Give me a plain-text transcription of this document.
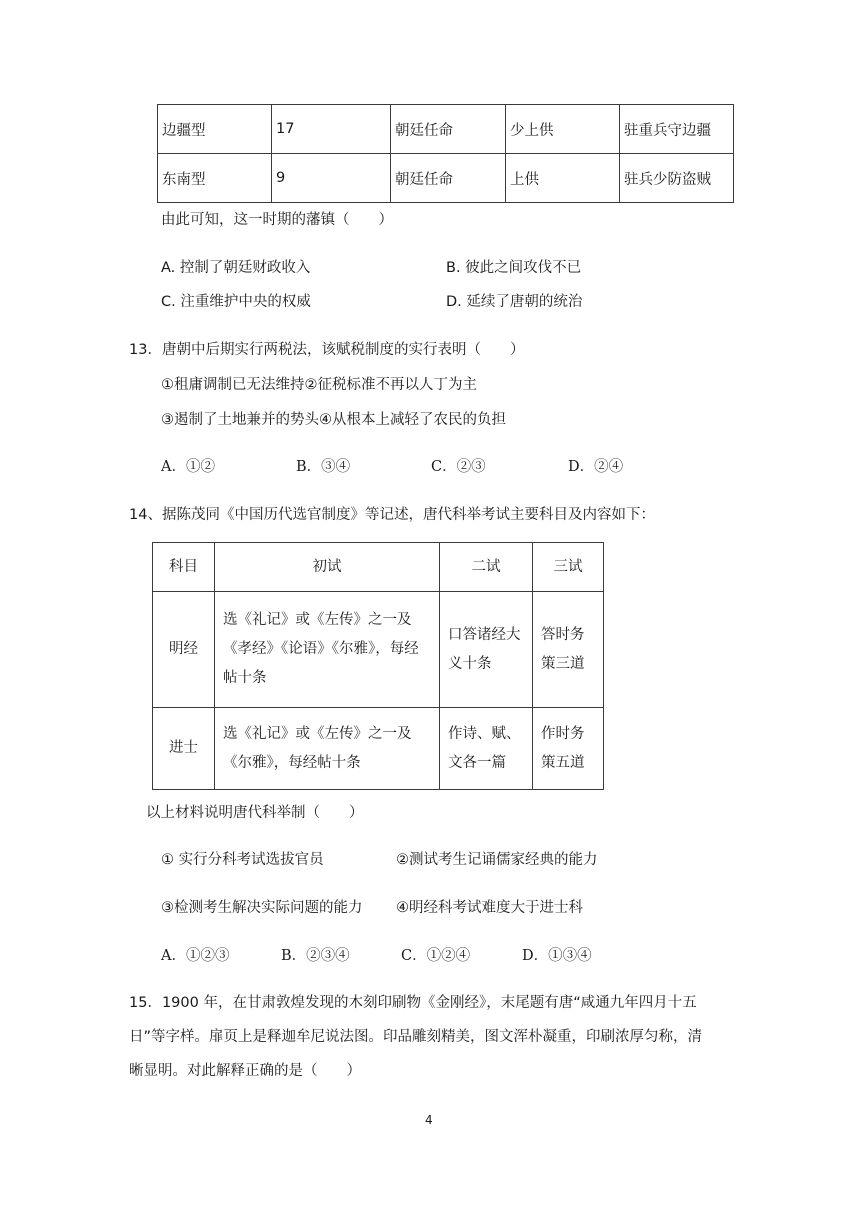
边疆型	17	朝廷任命	少上供	驻重兵守边疆
东南型	9	朝廷任命	上供	驻兵少防盗贼
由此可知，这一时期的藩镇（　　）
A. 控制了朝廷财政收入	B. 彼此之间攻伐不已
C. 注重维护中央的权威	D. 延续了唐朝的统治
13．唐朝中后期实行两税法，该赋税制度的实行表明（　　）
①租庸调制已无法维持②征税标准不再以人丁为主
③遏制了土地兼并的势头④从根本上减轻了农民的负担
A．①②	B．③④	C．②③	D．②④
14、据陈茂同《中国历代选官制度》等记述，唐代科举考试主要科目及内容如下：
科目	初试	二试	三试
明经	选《礼记》或《左传》之一及《孝经》《论语》《尔雅》，每经帖十条	口答诸经大义十条	答时务策三道

进士	选《礼记》或《左传》之一及《尔雅》，每经帖十条	作诗、赋、文各一篇	作时务策五道
以上材料说明唐代科举制（　　）
① 实行分科考试选拔官员	②测试考生记诵儒家经典的能力
③检测考生解决实际问题的能力 ④明经科考试难度大于进士科
A．①②③	B．②③④	C．①②④	D．①③④
15．1900 年，在甘肃敦煌发现的木刻印刷物《金刚经》，末尾题有唐“咸通九年四月十五
日”等字样。扉页上是释迦牟尼说法图。印品雕刻精美，图文浑朴凝重，印刷浓厚匀称，清
晰显明。对此解释正确的是（　　）
4
